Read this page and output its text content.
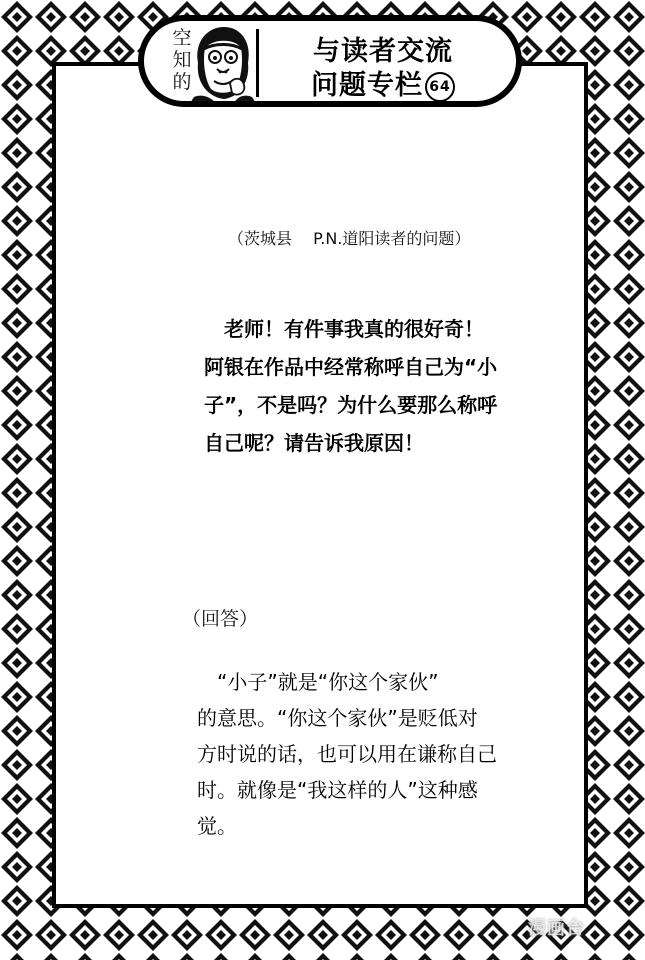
（茨城县　 P.N.道阳读者的问题）
　老师！有件事我真的很好奇！
阿银在作品中经常称呼自己为“小
子”，不是吗？为什么要那么称呼
自己呢？请告诉我原因！
（回答）
　“小子”就是“你这个家伙”
的意思。“你这个家伙”是贬低对
方时说的话，也可以用在谦称自己
时。就像是“我这样的人”这种感
觉。
空
知
的
与读者交流
问题专栏 64
漫画台
